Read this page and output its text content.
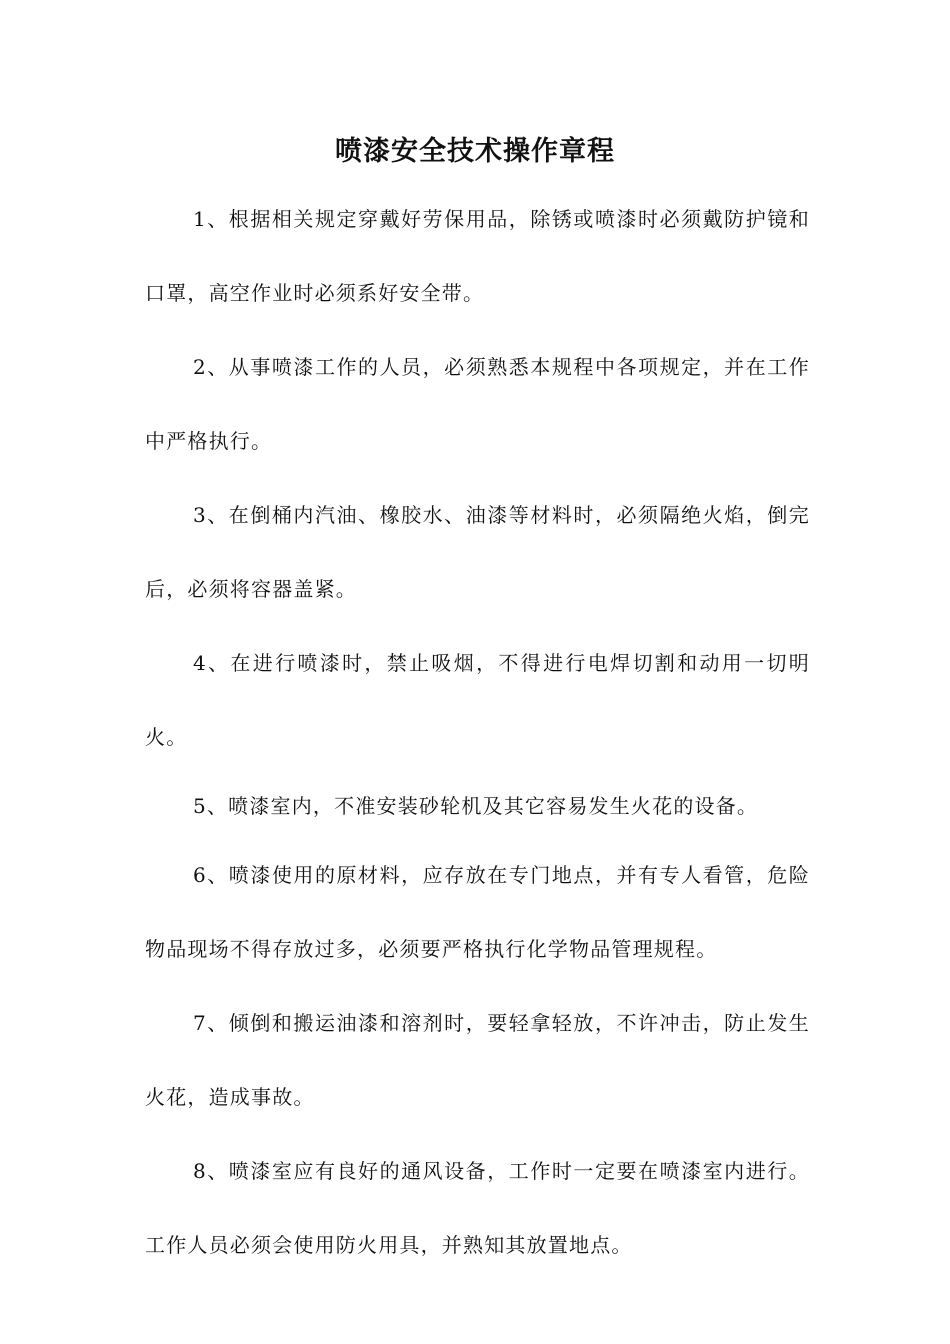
喷漆安全技术操作章程

1、根据相关规定穿戴好劳保用品，除锈或喷漆时必须戴防护镜和口罩，高空作业时必须系好安全带。

2、从事喷漆工作的人员，必须熟悉本规程中各项规定，并在工作中严格执行。

3、在倒桶内汽油、橡胶水、油漆等材料时，必须隔绝火焰，倒完后，必须将容器盖紧。

4、在进行喷漆时，禁止吸烟，不得进行电焊切割和动用一切明火。

5、喷漆室内，不准安装砂轮机及其它容易发生火花的设备。

6、喷漆使用的原材料，应存放在专门地点，并有专人看管，危险物品现场不得存放过多，必须要严格执行化学物品管理规程。

7、倾倒和搬运油漆和溶剂时，要轻拿轻放，不许冲击，防止发生火花，造成事故。

8、喷漆室应有良好的通风设备，工作时一定要在喷漆室内进行。工作人员必须会使用防火用具，并熟知其放置地点。
